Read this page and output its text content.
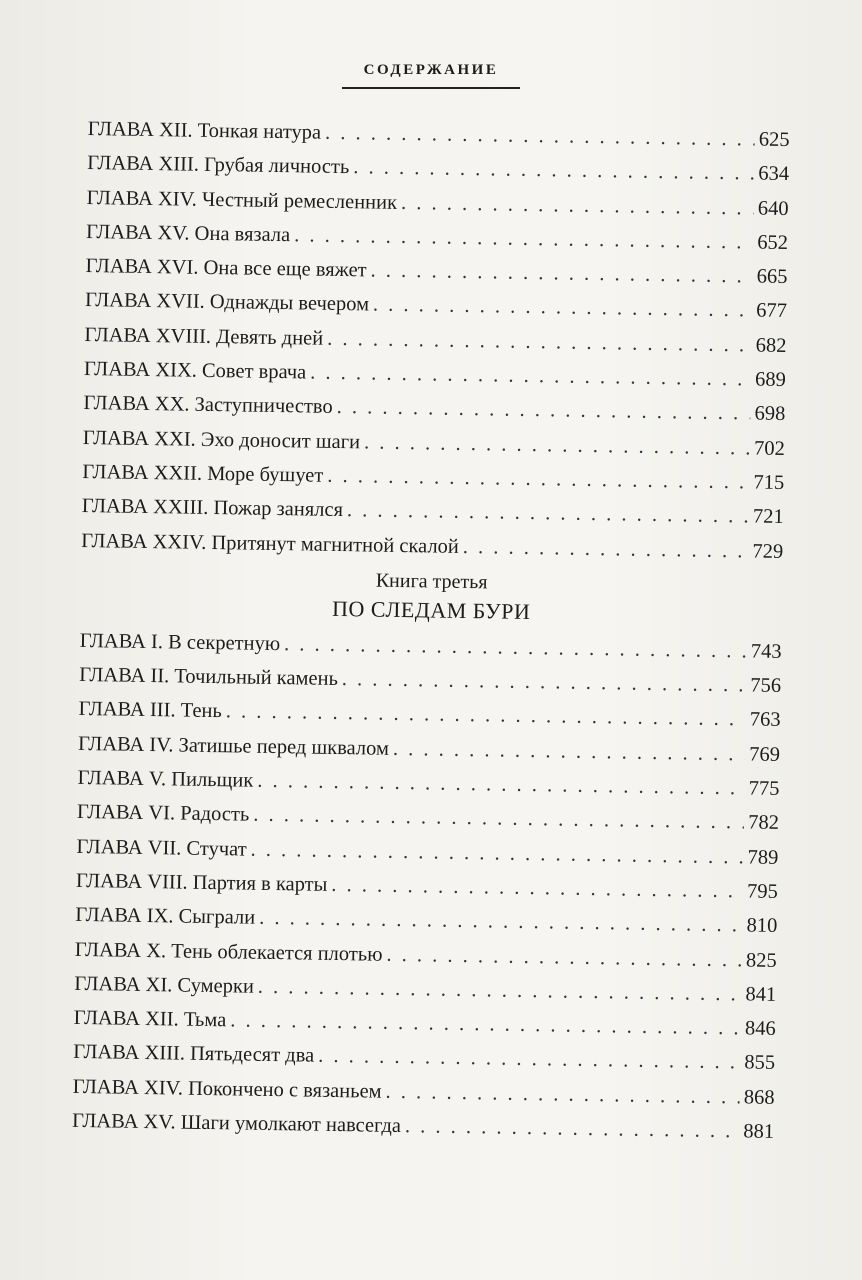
СОДЕРЖАНИЕ
ГЛАВА XII. Тонкая натура . . .	625
ГЛАВА XIII. Грубая личность . . .	634
ГЛАВА XIV. Честный ремесленник . . .	640
ГЛАВА XV. Она вязала . . .	652
ГЛАВА XVI. Она все еще вяжет . . .	665
ГЛАВА XVII. Однажды вечером . . .	677
ГЛАВА XVIII. Девять дней . . .	682
ГЛАВА XIX. Совет врача . . .	689
ГЛАВА XX. Заступничество . . .	698
ГЛАВА XXI. Эхо доносит шаги . . .	702
ГЛАВА XXII. Море бушует . . .	715
ГЛАВА XXIII. Пожар занялся . . .	721
ГЛАВА XXIV. Притянут магнитной скалой . . .	729
Книга третья
ПО СЛЕДАМ БУРИ
ГЛАВА I. В секретную . . .	743
ГЛАВА II. Точильный камень . . .	756
ГЛАВА III. Тень . . .	763
ГЛАВА IV. Затишье перед шквалом . . .	769
ГЛАВА V. Пильщик . . .	775
ГЛАВА VI. Радость . . .	782
ГЛАВА VII. Стучат . . .	789
ГЛАВА VIII. Партия в карты . . .	795
ГЛАВА IX. Сыграли . . .	810
ГЛАВА X. Тень облекается плотью . . .	825
ГЛАВА XI. Сумерки . . .	841
ГЛАВА XII. Тьма . . .	846
ГЛАВА XIII. Пятьдесят два . . .	855
ГЛАВА XIV. Покончено с вязаньем . . .	868
ГЛАВА XV. Шаги умолкают навсегда . . .	881
